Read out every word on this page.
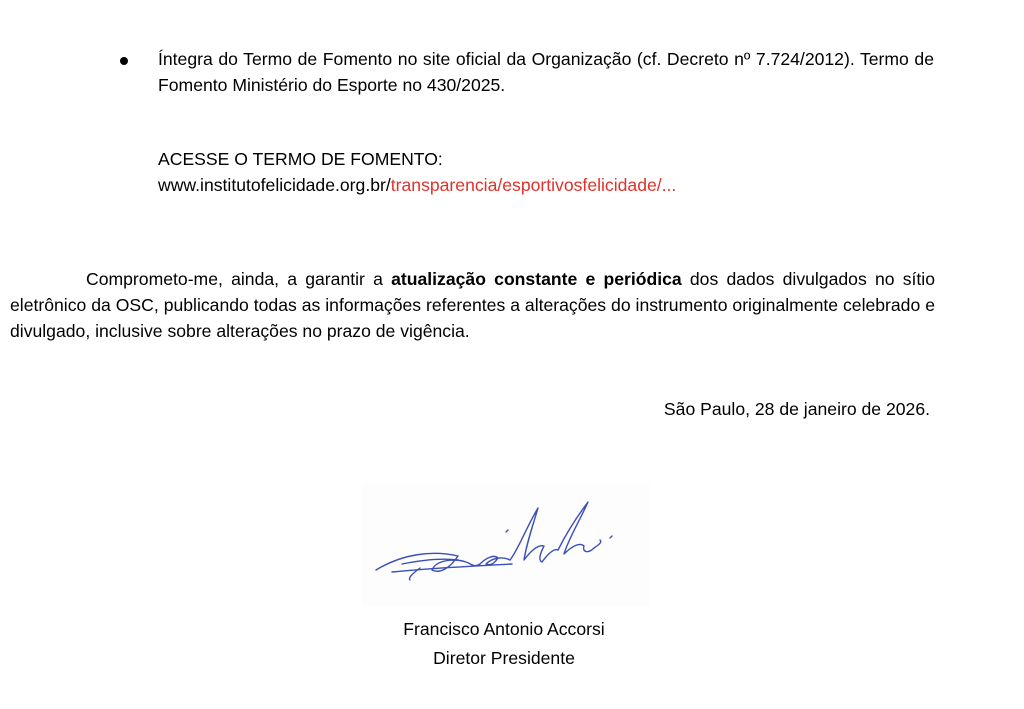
Íntegra do Termo de Fomento no site oficial da Organização (cf. Decreto nº 7.724/2012). Termo de Fomento Ministério do Esporte no 430/2025.
ACESSE O TERMO DE FOMENTO:
www.institutofelicidade.org.br/transparencia/esportivosfelicidade/...
Comprometo-me, ainda, a garantir a atualização constante e periódica dos dados divulgados no sítio eletrônico da OSC, publicando todas as informações referentes a alterações do instrumento originalmente celebrado e divulgado, inclusive sobre alterações no prazo de vigência.
São Paulo, 28 de janeiro de 2026.
Francisco Antonio Accorsi
Diretor Presidente
